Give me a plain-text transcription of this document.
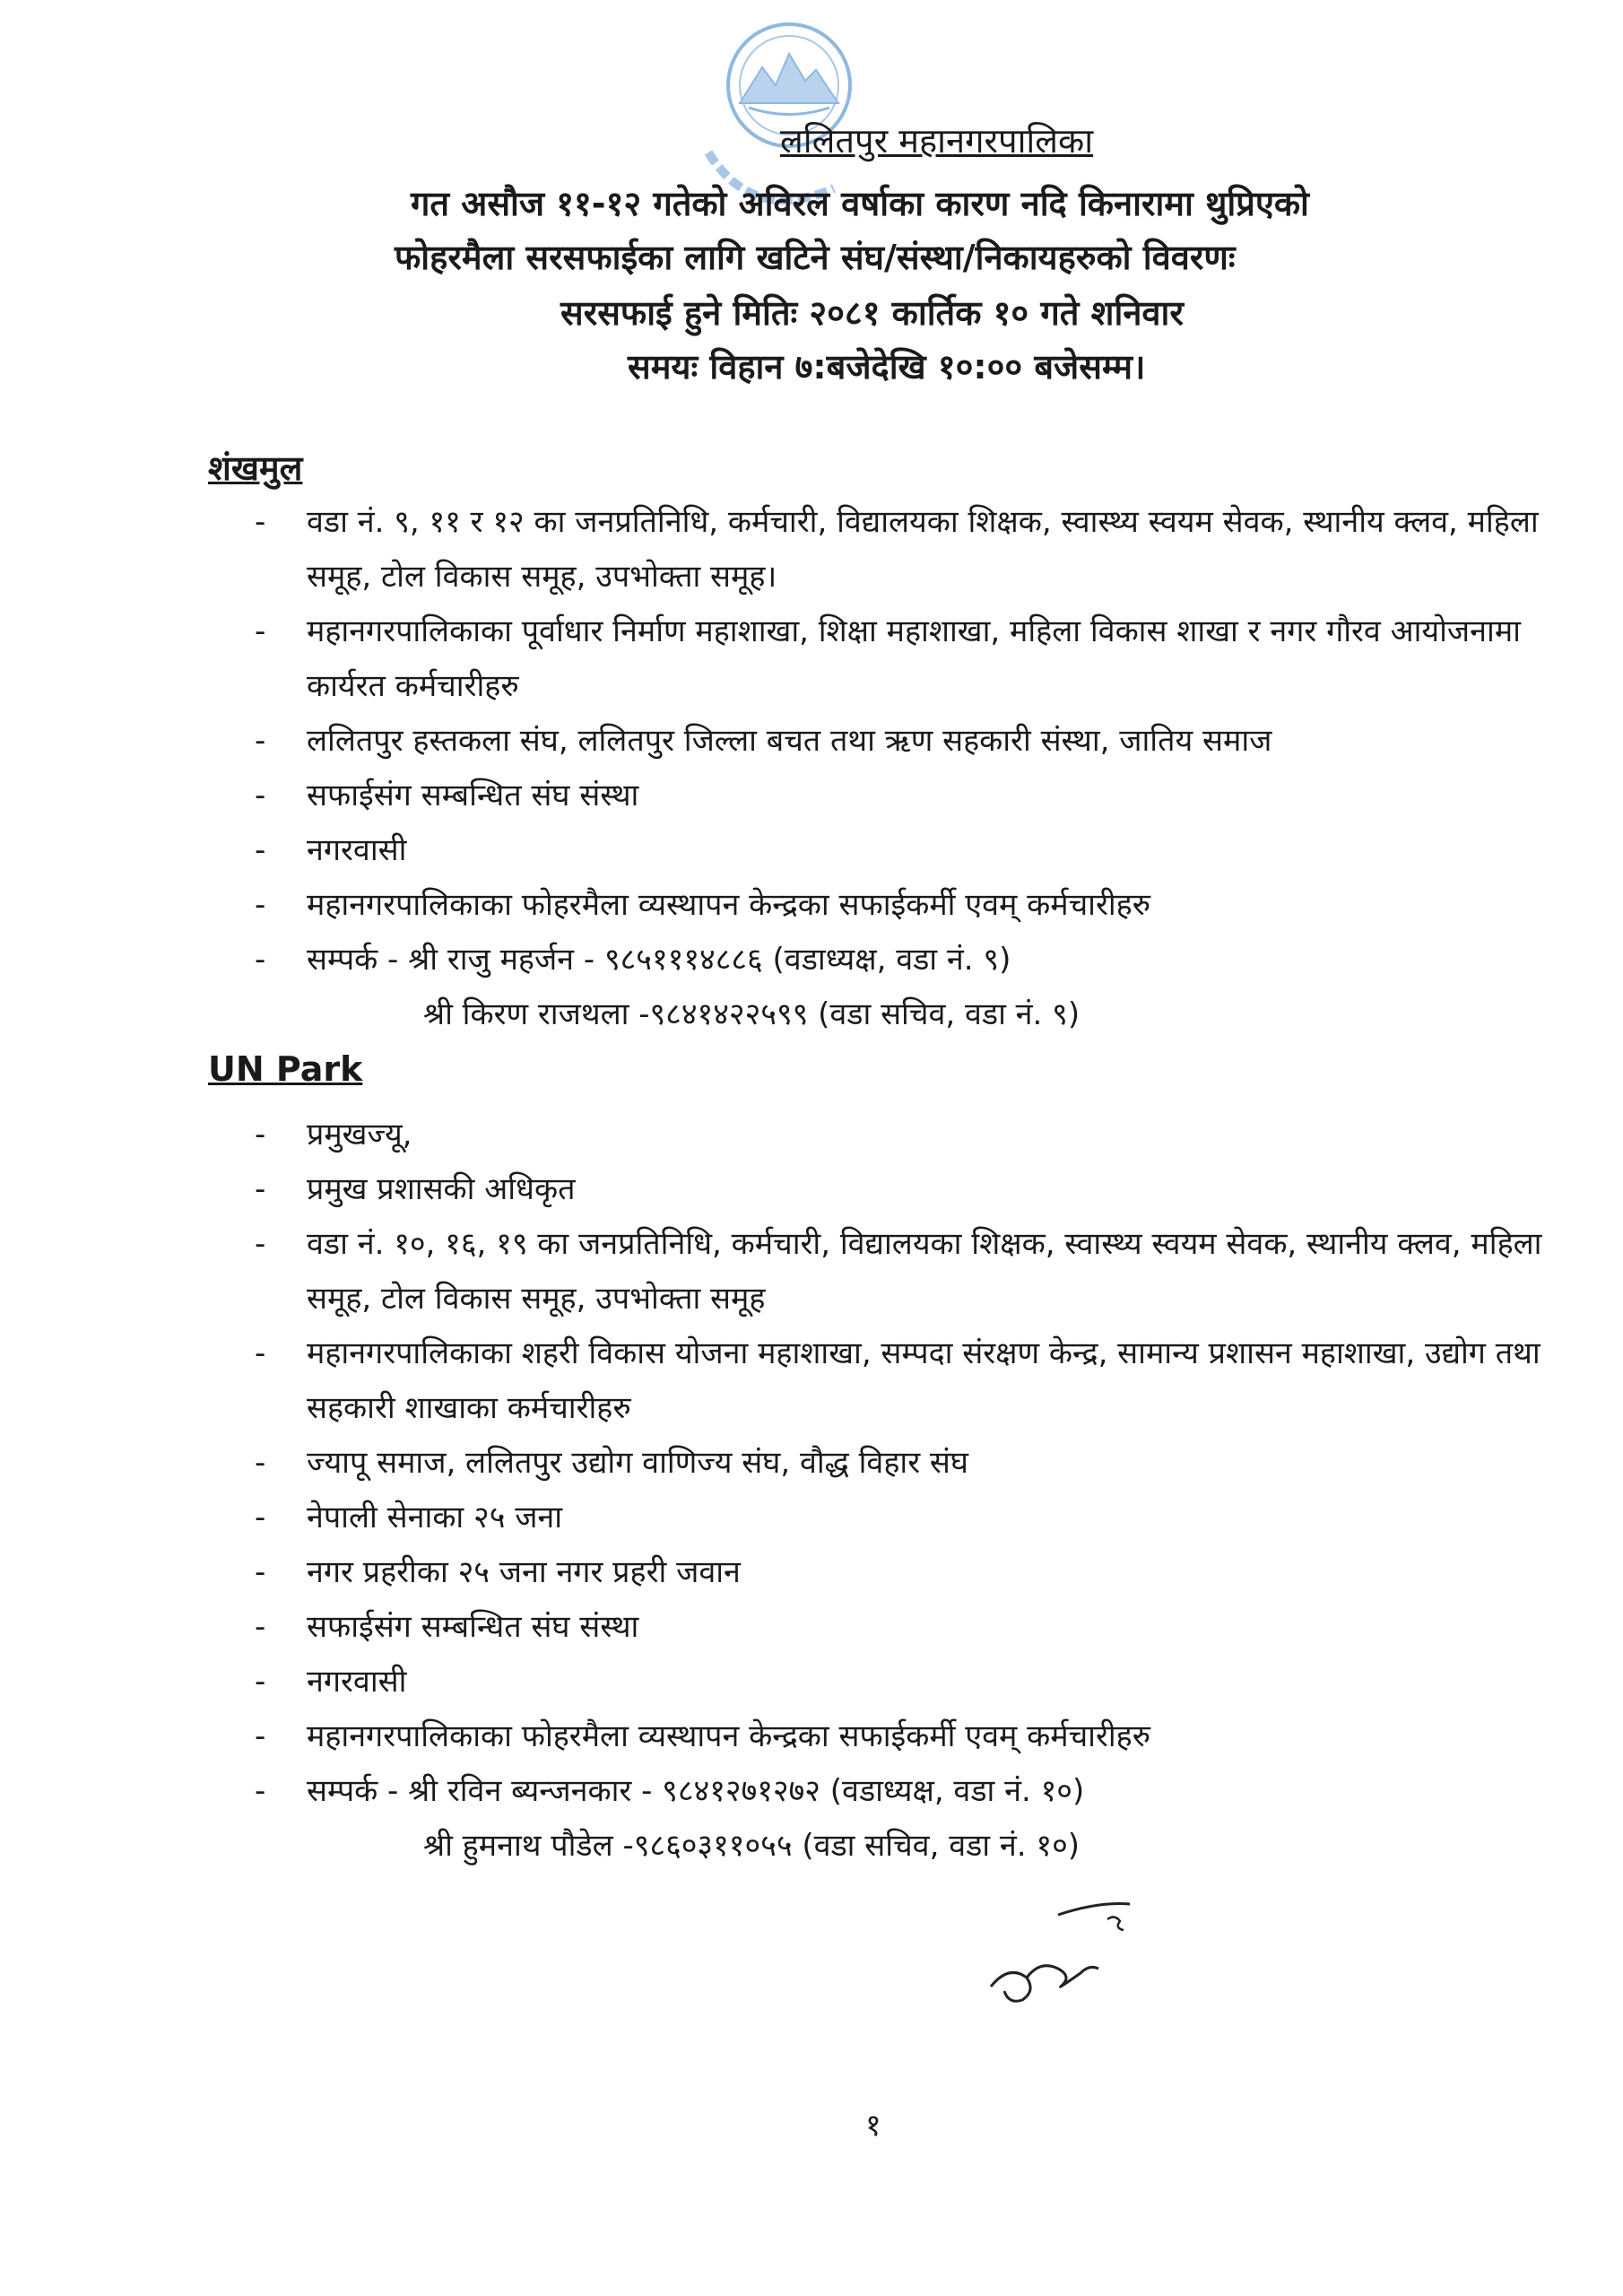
ललितपुर महानगरपालिका
गत असौज ११-१२ गतेको अविरल वर्षाका कारण नदि किनारामा थुप्रिएको
फोहरमैला सरसफाईका लागि खटिने संघ/संस्था/निकायहरुको विवरणः
सरसफाई हुने मितिः २०८१ कार्तिक १० गते शनिवार
समयः विहान ७:बजेदेखि १०:०० बजेसम्म।
शंखमुल
- वडा नं. ९, ११ र १२ का जनप्रतिनिधि, कर्मचारी, विद्यालयका शिक्षक, स्वास्थ्य स्वयम सेवक, स्थानीय क्लव, महिला समूह, टोल विकास समूह, उपभोक्ता समूह।
- महानगरपालिकाका पूर्वाधार निर्माण महाशाखा, शिक्षा महाशाखा, महिला विकास शाखा र नगर गौरव आयोजनामा कार्यरत कर्मचारीहरु
- ललितपुर हस्तकला संघ, ललितपुर जिल्ला बचत तथा ऋण सहकारी संस्था, जातिय समाज
- सफाईसंग सम्बन्धित संघ संस्था
- नगरवासी
- महानगरपालिकाका फोहरमैला व्यस्थापन केन्द्रका सफाईकर्मी एवम् कर्मचारीहरु
- सम्पर्क - श्री राजु महर्जन - ९८५१११४८८६ (वडाध्यक्ष, वडा नं. ९)
श्री किरण राजथला -९८४१४२२५९९ (वडा सचिव, वडा नं. ९)
UN Park
- प्रमुखज्यू,
- प्रमुख प्रशासकी अधिकृत
- वडा नं. १०, १६, १९ का जनप्रतिनिधि, कर्मचारी, विद्यालयका शिक्षक, स्वास्थ्य स्वयम सेवक, स्थानीय क्लव, महिला समूह, टोल विकास समूह, उपभोक्ता समूह
- महानगरपालिकाका शहरी विकास योजना महाशाखा, सम्पदा संरक्षण केन्द्र, सामान्य प्रशासन महाशाखा, उद्योग तथा सहकारी शाखाका कर्मचारीहरु
- ज्यापू समाज, ललितपुर उद्योग वाणिज्य संघ, वौद्ध विहार संघ
- नेपाली सेनाका २५ जना
- नगर प्रहरीका २५ जना नगर प्रहरी जवान
- सफाईसंग सम्बन्धित संघ संस्था
- नगरवासी
- महानगरपालिकाका फोहरमैला व्यस्थापन केन्द्रका सफाईकर्मी एवम् कर्मचारीहरु
- सम्पर्क - श्री रविन ब्यन्जनकार - ९८४१२७१२७२ (वडाध्यक्ष, वडा नं. १०)
श्री हुमनाथ पौडेल -९८६०३११०५५ (वडा सचिव, वडा नं. १०)
१
